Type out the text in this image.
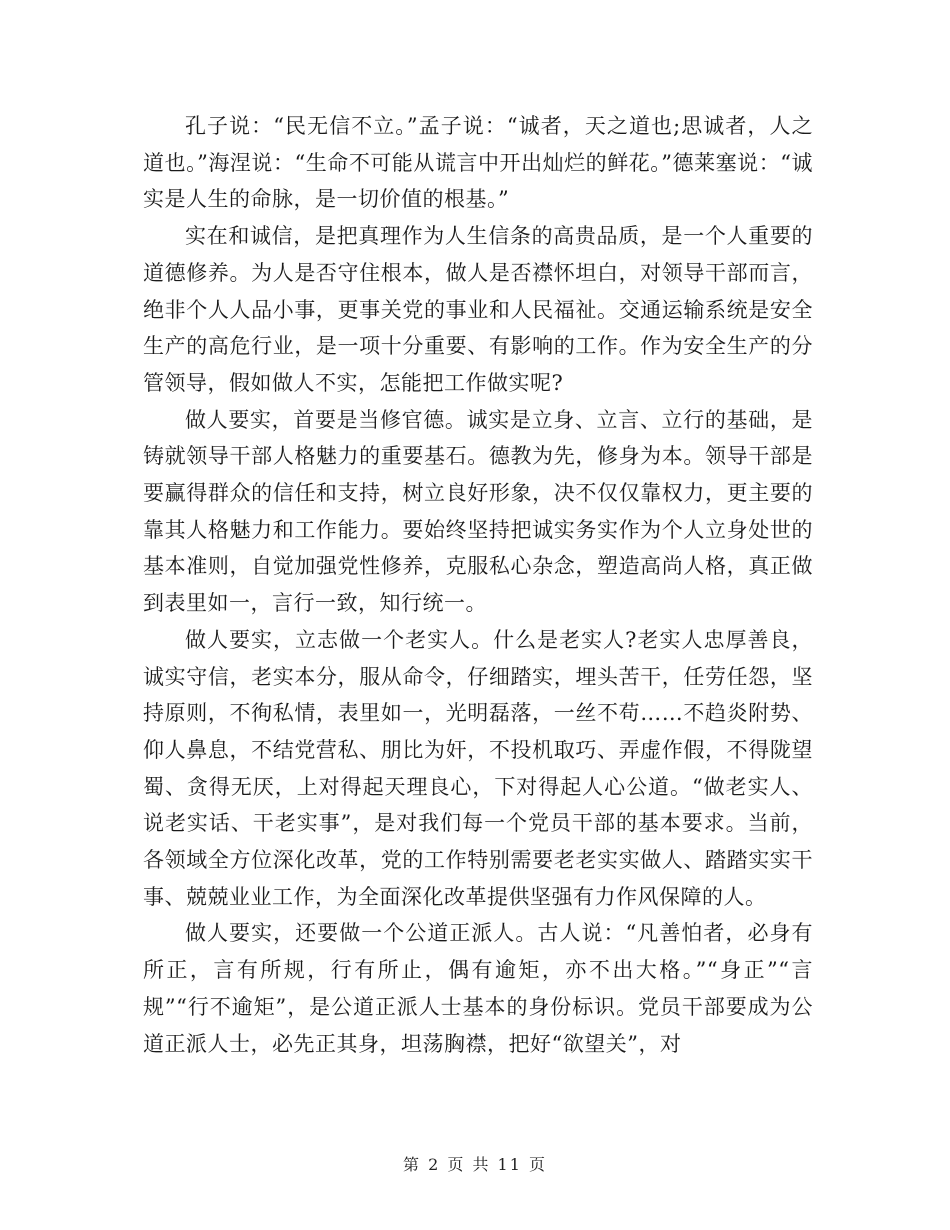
孔子说：“民无信不立。”孟子说：“诚者，天之道也;思诚者，人之道也。”海涅说：“生命不可能从谎言中开出灿烂的鲜花。”德莱塞说：“诚实是人生的命脉，是一切价值的根基。”

实在和诚信，是把真理作为人生信条的高贵品质，是一个人重要的道德修养。为人是否守住根本，做人是否襟怀坦白，对领导干部而言，绝非个人人品小事，更事关党的事业和人民福祉。交通运输系统是安全生产的高危行业，是一项十分重要、有影响的工作。作为安全生产的分管领导，假如做人不实，怎能把工作做实呢?

做人要实，首要是当修官德。诚实是立身、立言、立行的基础，是铸就领导干部人格魅力的重要基石。德教为先，修身为本。领导干部是要赢得群众的信任和支持，树立良好形象，决不仅仅靠权力，更主要的靠其人格魅力和工作能力。要始终坚持把诚实务实作为个人立身处世的基本准则，自觉加强党性修养，克服私心杂念，塑造高尚人格，真正做到表里如一，言行一致，知行统一。

做人要实，立志做一个老实人。什么是老实人?老实人忠厚善良，诚实守信，老实本分，服从命令，仔细踏实，埋头苦干，任劳任怨，坚持原则，不徇私情，表里如一，光明磊落，一丝不苟……不趋炎附势、仰人鼻息，不结党营私、朋比为奸，不投机取巧、弄虚作假，不得陇望蜀、贪得无厌，上对得起天理良心，下对得起人心公道。“做老实人、说老实话、干老实事”，是对我们每一个党员干部的基本要求。当前，各领域全方位深化改革，党的工作特别需要老老实实做人、踏踏实实干事、兢兢业业工作，为全面深化改革提供坚强有力作风保障的人。

做人要实，还要做一个公道正派人。古人说：“凡善怕者，必身有所正，言有所规，行有所止，偶有逾矩，亦不出大格。”“身正”“言规”“行不逾矩”，是公道正派人士基本的身份标识。党员干部要成为公道正派人士，必先正其身，坦荡胸襟，把好“欲望关”，对

第 2 页 共 11 页
